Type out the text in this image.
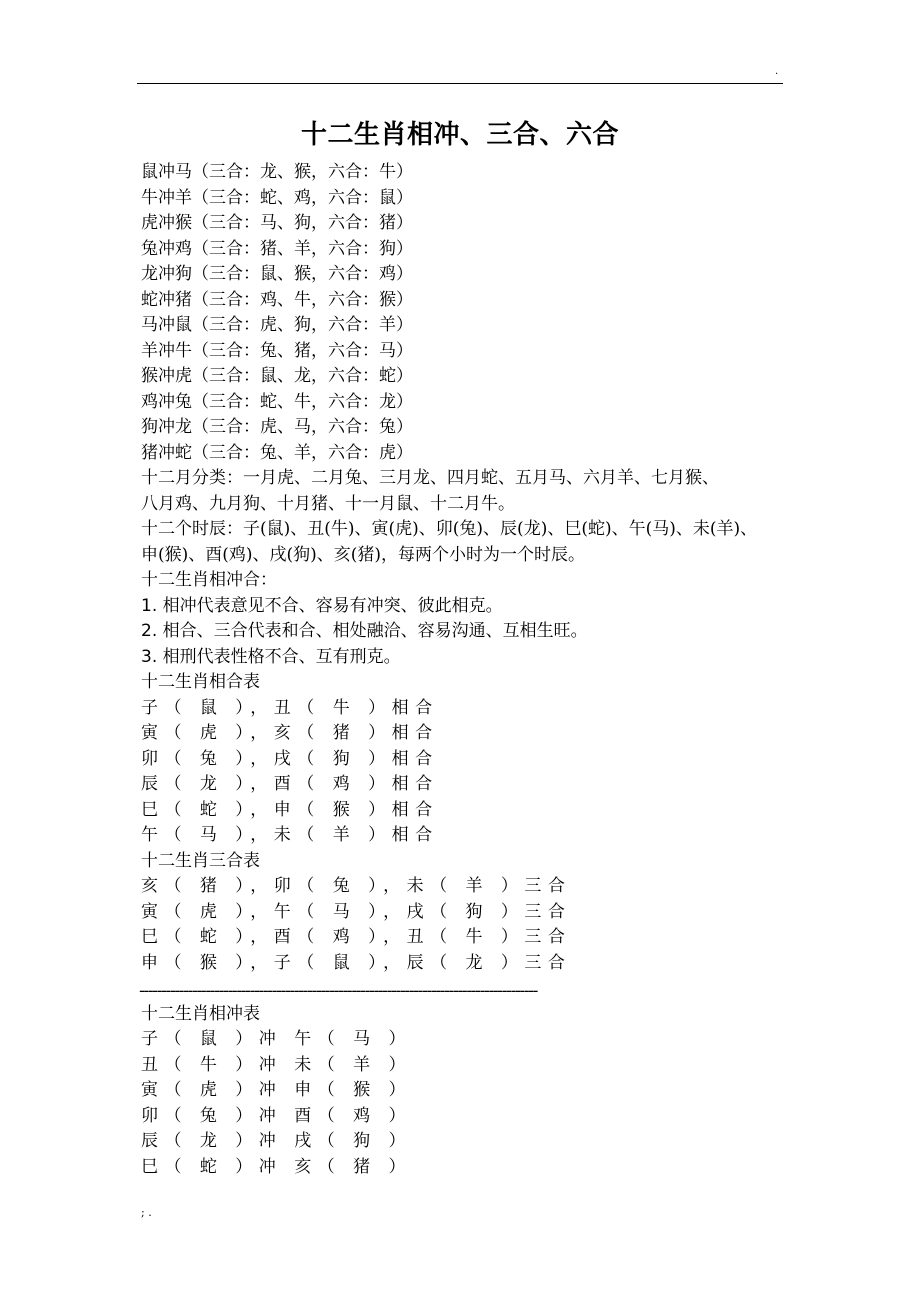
.
十二生肖相冲、三合、六合
鼠冲马（三合：龙、猴，六合：牛）
牛冲羊（三合：蛇、鸡，六合：鼠）
虎冲猴（三合：马、狗，六合：猪）
兔冲鸡（三合：猪、羊，六合：狗）
龙冲狗（三合：鼠、猴，六合：鸡）
蛇冲猪（三合：鸡、牛，六合：猴）
马冲鼠（三合：虎、狗，六合：羊）
羊冲牛（三合：兔、猪，六合：马）
猴冲虎（三合：鼠、龙，六合：蛇）
鸡冲兔（三合：蛇、牛，六合：龙）
狗冲龙（三合：虎、马，六合：兔）
猪冲蛇（三合：兔、羊，六合：虎）
十二月分类：一月虎、二月兔、三月龙、四月蛇、五月马、六月羊、七月猴、
八月鸡、九月狗、十月猪、十一月鼠、十二月牛。
十二个时辰：子(鼠)、丑(牛)、寅(虎)、卯(兔)、辰(龙)、巳(蛇)、午(马)、未(羊)、
申(猴)、酉(鸡)、戌(狗)、亥(猪)，每两个小时为一个时辰。
十二生肖相冲合：
1. 相冲代表意见不合、容易有冲突、彼此相克。
2. 相合、三合代表和合、相处融洽、容易沟通、互相生旺。
3. 相刑代表性格不合、互有刑克。
十二生肖相合表
子（ 鼠 ），丑（ 牛 ）相合
寅（ 虎 ），亥（ 猪 ）相合
卯（ 兔 ），戌（ 狗 ）相合
辰（ 龙 ），酉（ 鸡 ）相合
巳（ 蛇 ），申（ 猴 ）相合
午（ 马 ），未（ 羊 ）相合
十二生肖三合表
亥（ 猪 ），卯（ 兔 ），未（ 羊 ）三合
寅（ 虎 ），午（ 马 ），戌（ 狗 ）三合
巳（ 蛇 ），酉（ 鸡 ），丑（ 牛 ）三合
申（ 猴 ），子（ 鼠 ），辰（ 龙 ）三合
------------------------------------------------------------------------------------------
十二生肖相冲表
子（ 鼠 ）冲 午（ 马 ）
丑（ 牛 ）冲 未（ 羊 ）
寅（ 虎 ）冲 申（ 猴 ）
卯（ 兔 ）冲 酉（ 鸡 ）
辰（ 龙 ）冲 戌（ 狗 ）
巳（ 蛇 ）冲 亥（ 猪 ）
; .
